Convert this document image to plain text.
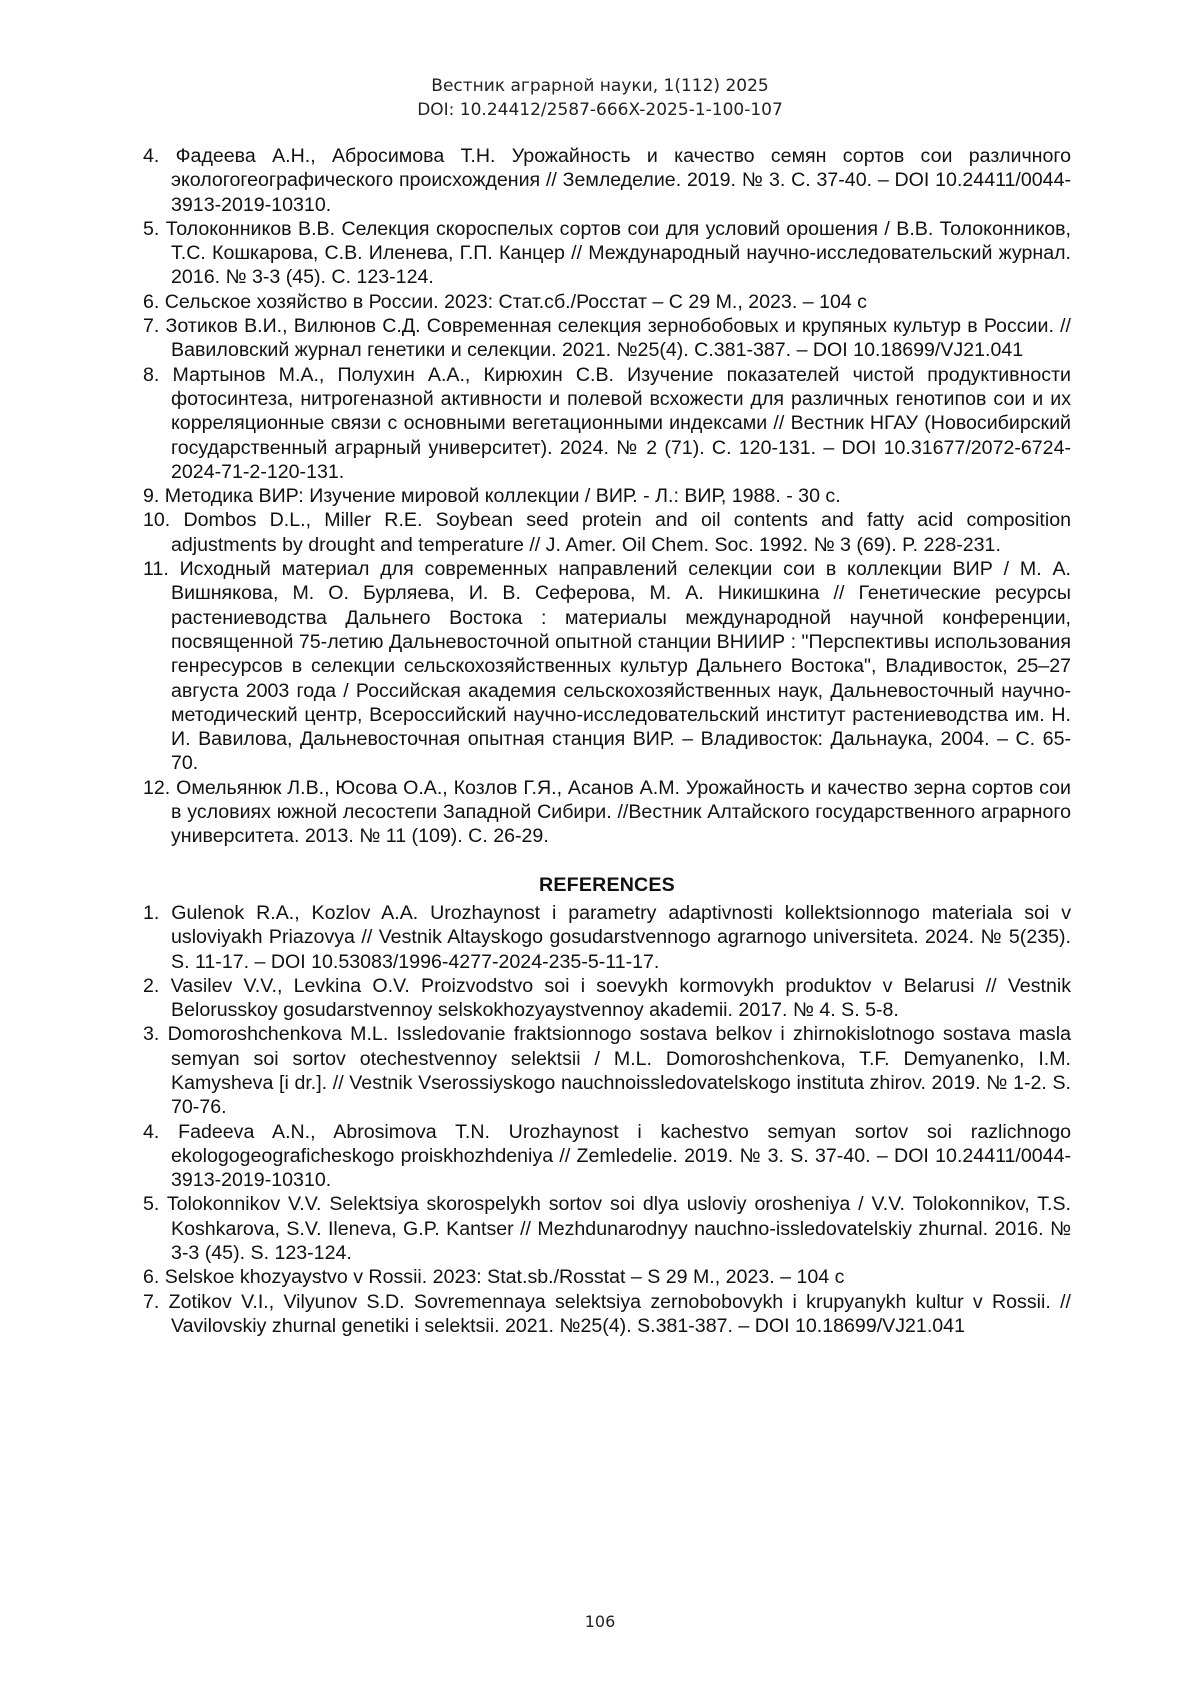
Вестник аграрной науки, 1(112) 2025
DOI: 10.24412/2587-666X-2025-1-100-107
4. Фадеева А.Н., Абросимова Т.Н. Урожайность и качество семян сортов сои различного экологогеографического происхождения // Земледелие. 2019. № 3. С. 37-40. – DOI 10.24411/0044-3913-2019-10310.
5. Толоконников В.В. Селекция скороспелых сортов сои для условий орошения / В.В. Толоконников, Т.С. Кошкарова, С.В. Иленева, Г.П. Канцер // Международный научно-исследовательский журнал. 2016. № 3-3 (45). С. 123-124.
6. Сельское хозяйство в России. 2023: Стат.сб./Росстат – С 29 М., 2023. – 104 с
7. Зотиков В.И., Вилюнов С.Д. Современная селекция зернобобовых и крупяных культур в России. // Вавиловский журнал генетики и селекции. 2021. №25(4). С.381-387. – DOI 10.18699/VJ21.041
8. Мартынов М.А., Полухин А.А., Кирюхин С.В. Изучение показателей чистой продуктивности фотосинтеза, нитрогеназной активности и полевой всхожести для различных генотипов сои и их корреляционные связи с основными вегетационными индексами // Вестник НГАУ (Новосибирский государственный аграрный университет). 2024. № 2 (71). С. 120-131. – DOI 10.31677/2072-6724-2024-71-2-120-131.
9. Методика ВИР: Изучение мировой коллекции / ВИР. - Л.: ВИР, 1988. - 30 с.
10. Dombos D.L., Miller R.E. Soybean seed protein and oil contents and fatty acid composition adjustments by drought and temperature // J. Amer. Oil Chem. Soc. 1992. № 3 (69). P. 228-231.
11. Исходный материал для современных направлений селекции сои в коллекции ВИР / М. А. Вишнякова, М. О. Бурляева, И. В. Сеферова, М. А. Никишкина // Генетические ресурсы растениеводства Дальнего Востока : материалы международной научной конференции, посвященной 75-летию Дальневосточной опытной станции ВНИИР : "Перспективы использования генресурсов в селекции сельскохозяйственных культур Дальнего Востока", Владивосток, 25–27 августа 2003 года / Российская академия сельскохозяйственных наук, Дальневосточный научно-методический центр, Всероссийский научно-исследовательский институт растениеводства им. Н. И. Вавилова, Дальневосточная опытная станция ВИР. – Владивосток: Дальнаука, 2004. – С. 65-70.
12. Омельянюк Л.В., Юсова О.А., Козлов Г.Я., Асанов А.М. Урожайность и качество зерна сортов сои в условиях южной лесостепи Западной Сибири. //Вестник Алтайского государственного аграрного университета. 2013. № 11 (109). С. 26-29.
REFERENCES
1. Gulenok R.A., Kozlov A.A. Urozhaynost i parametry adaptivnosti kollektsionnogo materiala soi v usloviyakh Priazovya // Vestnik Altayskogo gosudarstvennogo agrarnogo universiteta. 2024. № 5(235). S. 11-17. – DOI 10.53083/1996-4277-2024-235-5-11-17.
2. Vasilev V.V., Levkina O.V. Proizvodstvo soi i soevykh kormovykh produktov v Belarusi // Vestnik Belorusskoy gosudarstvennoy selskokhozyaystvennoy akademii. 2017. № 4. S. 5-8.
3. Domoroshchenkova M.L. Issledovanie fraktsionnogo sostava belkov i zhirnokislotnogo sostava masla semyan soi sortov otechestvennoy selektsii / M.L. Domoroshchenkova, T.F. Demyanenko, I.M. Kamysheva [i dr.]. // Vestnik Vserossiyskogo nauchnoissledovatelskogo instituta zhirov. 2019. № 1-2. S. 70-76.
4. Fadeeva A.N., Abrosimova T.N. Urozhaynost i kachestvo semyan sortov soi razlichnogo ekologogeograficheskogo proiskhozhdeniya // Zemledelie. 2019. № 3. S. 37-40. – DOI 10.24411/0044-3913-2019-10310.
5. Tolokonnikov V.V. Selektsiya skorospelykh sortov soi dlya usloviy orosheniya / V.V. Tolokonnikov, T.S. Koshkarova, S.V. Ileneva, G.P. Kantser // Mezhdunarodnyy nauchno-issledovatelskiy zhurnal. 2016. № 3-3 (45). S. 123-124.
6. Selskoe khozyaystvo v Rossii. 2023: Stat.sb./Rosstat – S 29 M., 2023. – 104 c
7. Zotikov V.I., Vilyunov S.D. Sovremennaya selektsiya zernobobovykh i krupyanykh kultur v Rossii. // Vavilovskiy zhurnal genetiki i selektsii. 2021. №25(4). S.381-387. – DOI 10.18699/VJ21.041
106
